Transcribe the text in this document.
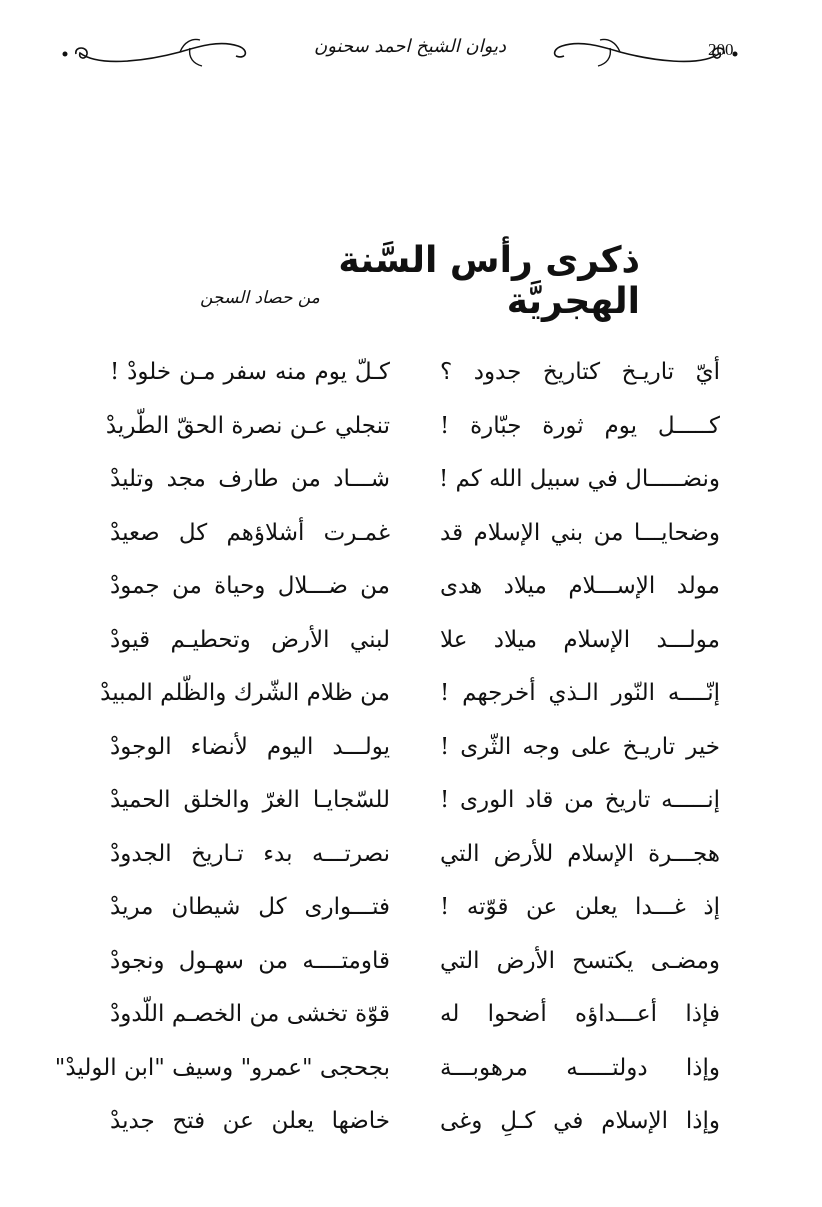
ديوان الشيخ احمد سحنون	200
ذكرى رأس السَّنة الهجريَّة
من حصاد السجن
أيّ تاريـخ كتاريخ جدود ؟
كـلّ يوم منه سفر مـن خلودْ !
كـــــل يوم ثورة جبّارة !
تنجلي عـن نصرة الحقّ الطّريدْ
ونضـــــال في سبيل الله كم !
شـــاد من طارف مجد وتليدْ
وضحايـــا من بني الإسلام قد
غمـرت أشلاؤهم كل صعيدْ
مولد الإســـلام ميلاد هدى
من ضـــلال وحياة من جمودْ
مولـــد الإسلام ميلاد علا
لبني الأرض وتحطيـم قيودْ
إنّــــه النّور الـذي أخرجهم !
من ظلام الشّرك والظّلم المبيدْ
خير تاريـخ على وجه الثّرى !
يولـــد اليوم لأنضاء الوجودْ
إنـــــه تاريخ من قاد الورى !
للسّجايـا الغرّ والخلق الحميدْ
هجـــرة الإسلام للأرض التي
نصرتـــه بدء تـاريخ الجدودْ
إذ غـــدا يعلن عن قوّته !
فتـــوارى كل شيطان مريدْ
ومضـى يكتسح الأرض التي
قاومتــــه من سهـول ونجودْ
فإذا أعـــداؤه أضحوا له
قوّة تخشى من الخصـم اللّدودْ
وإذا دولتـــــه مرهوبـــة
بجحجى "عمرو" وسيف "ابن الوليدْ"
وإذا الإسلام في كـلِ وغى
خاضها يعلن عن فتح جديدْ
